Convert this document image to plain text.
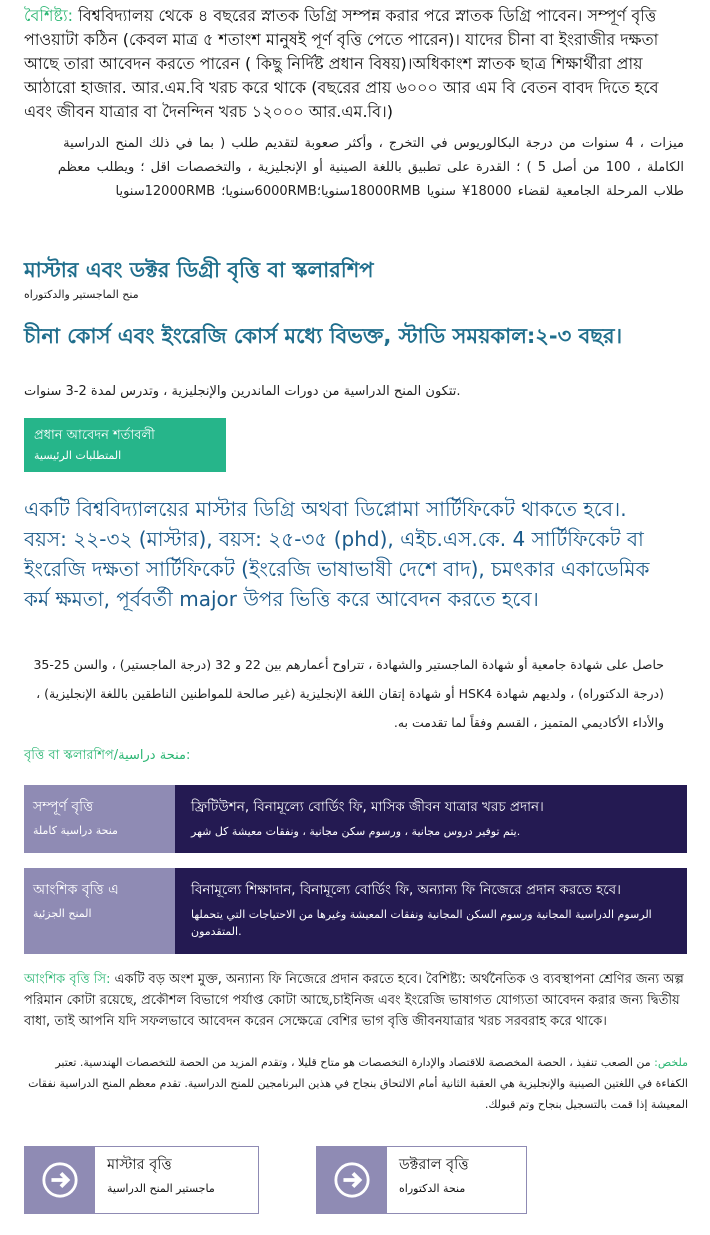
বৈশিষ্ট্য: বিশ্ববিদ্যালয় থেকে ৪ বছরের স্নাতক ডিগ্রি সম্পন্ন করার পরে স্নাতক ডিগ্রি পাবেন। সম্পূর্ণ বৃত্তি পাওয়াটা কঠিন (কেবল মাত্র ৫ শতাংশ মানুষই পূর্ণ বৃত্তি পেতে পারেন)। যাদের চীনা বা ইংরাজীর দক্ষতা আছে তারা আবেদন করতে পারেন ( কিছু নির্দিষ্ট প্রধান বিষয়)।অধিকাংশ স্নাতক ছাত্র শিক্ষার্থীরা প্রায় আঠারো হাজার. আর.এম.বি খরচ করে থাকে (বছরের প্রায় ৬০০০ আর এম বি বেতন বাবদ দিতে হবে এবং জীবন যাত্রার বা দৈনন্দিন খরচ ১২০০০ আর.এম.বি।)

ميزات ، 4 سنوات من درجة البكالوريوس في التخرج ، وأكثر صعوبة لتقديم طلب ( بما في ذلك المنح الدراسية الكاملة ، 100 من أصل 5 ) ؛ القدرة على تطبيق باللغة الصينية أو الإنجليزية ، والتخصصات اقل ؛ ويطلب معظم طلاب المرحلة الجامعية لقضاء 18000¥ سنويا 18000RMBسنويا؛6000RMBسنويا؛ 12000RMBسنويا

মাস্টার এবং ডক্টর ডিগ্রী বৃত্তি বা স্কলারশিপ
منح الماجستير والدكتوراه
চীনা কোর্স এবং ইংরেজি কোর্স মধ্যে বিভক্ত, স্টাডি সময়কাল:২-৩ বছর।
تتكون المنح الدراسية من دورات الماندرين والإنجليزية ، وتدرس لمدة 2-3 سنوات.
প্রধান আবেদন শর্তাবলী
المتطلبات الرئيسية

একটি বিশ্ববিদ্যালয়ের মাস্টার ডিগ্রি অথবা ডিপ্লোমা সার্টিফিকেট থাকতে হবে।. বয়স: ২২-৩২ (মাস্টার), বয়স: ২৫-৩৫ (phd), এইচ.এস.কে. 4 সার্টিফিকেট বা ইংরেজি দক্ষতা সার্টিফিকেট (ইংরেজি ভাষাভাষী দেশে বাদ), চমৎকার একাডেমিক কর্ম ক্ষমতা, পূর্ববর্তী major উপর ভিত্তি করে আবেদন করতে হবে।

حاصل على شهادة جامعية أو شهادة الماجستير والشهادة ، تتراوح أعمارهم بين 22 و 32 (درجة الماجستير) ، والسن 25-35 (درجة الدكتوراه) ، ولديهم شهادة HSK4 أو شهادة إتقان اللغة الإنجليزية (غير صالحة للمواطنين الناطقين باللغة الإنجليزية) ، والأداء الأكاديمي المتميز ، القسم وفقاً لما تقدمت به.

বৃত্তি বা স্কলারশিপ/منحة دراسية:
সম্পূর্ণ বৃত্তি
منحة دراسية كاملة
ফ্রিটিউশন, বিনামূল্যে বোর্ডিং ফি, মাসিক জীবন যাত্রার খরচ প্রদান।
يتم توفير دروس مجانية ، ورسوم سكن مجانية ، ونفقات معيشة كل شهر.
আংশিক বৃত্তি এ
المنح الجزئية
বিনামূল্যে শিক্ষাদান, বিনামূল্যে বোর্ডিং ফি, অন্যান্য ফি নিজেরে প্রদান করতে হবে।
الرسوم الدراسية المجانية ورسوم السكن المجانية ونفقات المعيشة وغيرها من الاحتياجات التي يتحملها المتقدمون.

আংশিক বৃত্তি সি: একটি বড় অংশ মুক্ত, অন্যান্য ফি নিজেরে প্রদান করতে হবে। বৈশিষ্ট্য: অর্থনৈতিক ও ব্যবস্থাপনা শ্রেণির জন্য অল্প পরিমান কোটা রয়েছে, প্রকৌশল বিভাগে পর্যাপ্ত কোটা আছে,চাইনিজ এবং ইংরেজি ভাষাগত যোগ্যতা আবেদন করার জন্য দ্বিতীয় বাধা, তাই আপনি যদি সফলভাবে আবেদন করেন সেক্ষেত্রে বেশির ভাগ বৃত্তি জীবনযাত্রার খরচ সরবরাহ করে থাকে।

ملخص: من الصعب تنفيذ ، الحصة المخصصة للاقتصاد والإدارة التخصصات هو متاح قليلا ، وتقدم المزيد من الحصة للتخصصات الهندسية. تعتبر الكفاءة في اللغتين الصينية والإنجليزية هي العقبة الثانية أمام الالتحاق بنجاح في هذين البرنامجين للمنح الدراسية. تقدم معظم المنح الدراسية نفقات المعيشة إذا قمت بالتسجيل بنجاح وتم قبولك.

মাস্টার বৃত্তি
ماجستير المنح الدراسية
ডক্টরাল বৃত্তি
منحة الدكتوراه
